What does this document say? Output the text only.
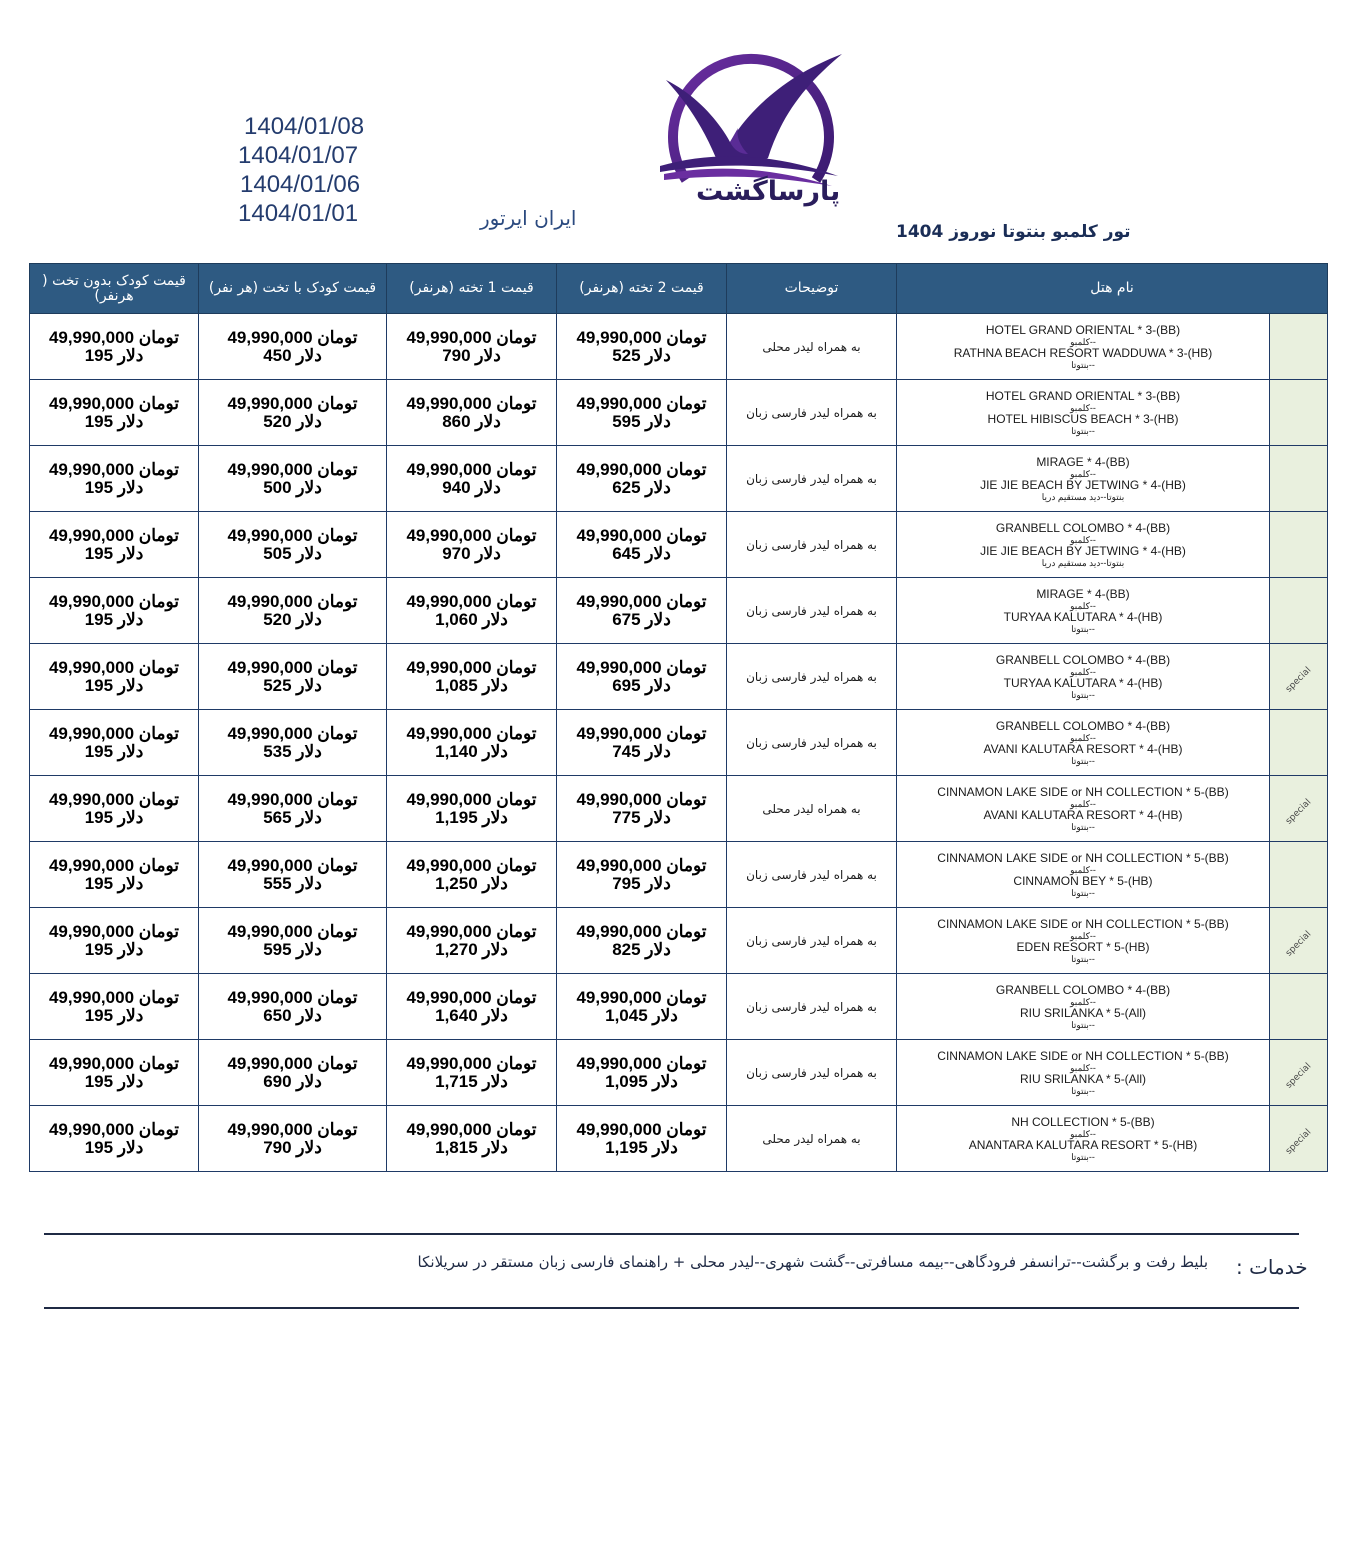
1404/01/08
1404/01/07
1404/01/06
1404/01/01	ایران ایرتور
پارساگشت
تور کلمبو بنتوتا نوروز 1404
نام هتل		توضیحات	قیمت 2 تخته (هرنفر)	قیمت 1 تخته (هرنفر)	قیمت کودک با تخت (هر نفر)	قیمت کودک بدون تخت ( هرنفر)

	HOTEL GRAND ORIENTAL * 3-(BB)
--کلمبو
RATHNA BEACH RESORT WADDUWA * 3-(HB)
--بنتوتا	به همراه لیدر محلی	تومان 49,990,000
دلار 525	تومان 49,990,000
دلار 790	تومان 49,990,000
دلار 450	تومان 49,990,000
دلار 195

	HOTEL GRAND ORIENTAL * 3-(BB)
--کلمبو
HOTEL HIBISCUS BEACH * 3-(HB)
--بنتوتا	به همراه لیدر فارسی زبان	تومان 49,990,000
دلار 595	تومان 49,990,000
دلار 860	تومان 49,990,000
دلار 520	تومان 49,990,000
دلار 195

	MIRAGE * 4-(BB)
--کلمبو
JIE JIE BEACH BY JETWING * 4-(HB)
بنتوتا--دید مستقیم دریا	به همراه لیدر فارسی زبان	تومان 49,990,000
دلار 625	تومان 49,990,000
دلار 940	تومان 49,990,000
دلار 500	تومان 49,990,000
دلار 195

	GRANBELL COLOMBO * 4-(BB)
--کلمبو
JIE JIE BEACH BY JETWING * 4-(HB)
بنتوتا--دید مستقیم دریا	به همراه لیدر فارسی زبان	تومان 49,990,000
دلار 645	تومان 49,990,000
دلار 970	تومان 49,990,000
دلار 505	تومان 49,990,000
دلار 195

	MIRAGE * 4-(BB)
--کلمبو
TURYAA KALUTARA * 4-(HB)
--بنتوتا	به همراه لیدر فارسی زبان	تومان 49,990,000
دلار 675	تومان 49,990,000
دلار 1,060	تومان 49,990,000
دلار 520	تومان 49,990,000
دلار 195

special	GRANBELL COLOMBO * 4-(BB)
--کلمبو
TURYAA KALUTARA * 4-(HB)
--بنتوتا	به همراه لیدر فارسی زبان	تومان 49,990,000
دلار 695	تومان 49,990,000
دلار 1,085	تومان 49,990,000
دلار 525	تومان 49,990,000
دلار 195

	GRANBELL COLOMBO * 4-(BB)
--کلمبو
AVANI KALUTARA RESORT * 4-(HB)
--بنتوتا	به همراه لیدر فارسی زبان	تومان 49,990,000
دلار 745	تومان 49,990,000
دلار 1,140	تومان 49,990,000
دلار 535	تومان 49,990,000
دلار 195

special	CINNAMON LAKE SIDE or NH COLLECTION * 5-(BB)
--کلمبو
AVANI KALUTARA RESORT * 4-(HB)
--بنتوتا	به همراه لیدر محلی	تومان 49,990,000
دلار 775	تومان 49,990,000
دلار 1,195	تومان 49,990,000
دلار 565	تومان 49,990,000
دلار 195

	CINNAMON LAKE SIDE or NH COLLECTION * 5-(BB)
--کلمبو
CINNAMON BEY * 5-(HB)
--بنتوتا	به همراه لیدر فارسی زبان	تومان 49,990,000
دلار 795	تومان 49,990,000
دلار 1,250	تومان 49,990,000
دلار 555	تومان 49,990,000
دلار 195

special	CINNAMON LAKE SIDE or NH COLLECTION * 5-(BB)
--کلمبو
EDEN RESORT * 5-(HB)
--بنتوتا	به همراه لیدر فارسی زبان	تومان 49,990,000
دلار 825	تومان 49,990,000
دلار 1,270	تومان 49,990,000
دلار 595	تومان 49,990,000
دلار 195

	GRANBELL COLOMBO * 4-(BB)
--کلمبو
RIU SRILANKA * 5-(All)
--بنتوتا	به همراه لیدر فارسی زبان	تومان 49,990,000
دلار 1,045	تومان 49,990,000
دلار 1,640	تومان 49,990,000
دلار 650	تومان 49,990,000
دلار 195

special	CINNAMON LAKE SIDE or NH COLLECTION * 5-(BB)
--کلمبو
RIU SRILANKA * 5-(All)
--بنتوتا	به همراه لیدر فارسی زبان	تومان 49,990,000
دلار 1,095	تومان 49,990,000
دلار 1,715	تومان 49,990,000
دلار 690	تومان 49,990,000
دلار 195

special	NH COLLECTION * 5-(BB)
--کلمبو
ANANTARA KALUTARA RESORT * 5-(HB)
--بنتوتا	به همراه لیدر محلی	تومان 49,990,000
دلار 1,195	تومان 49,990,000
دلار 1,815	تومان 49,990,000
دلار 790	تومان 49,990,000
دلار 195
خدمات :
بلیط رفت و برگشت--ترانسفر فرودگاهی--بیمه مسافرتی--گشت شهری--لیدر محلی + راهنمای فارسی زبان مستقر در سریلانکا
